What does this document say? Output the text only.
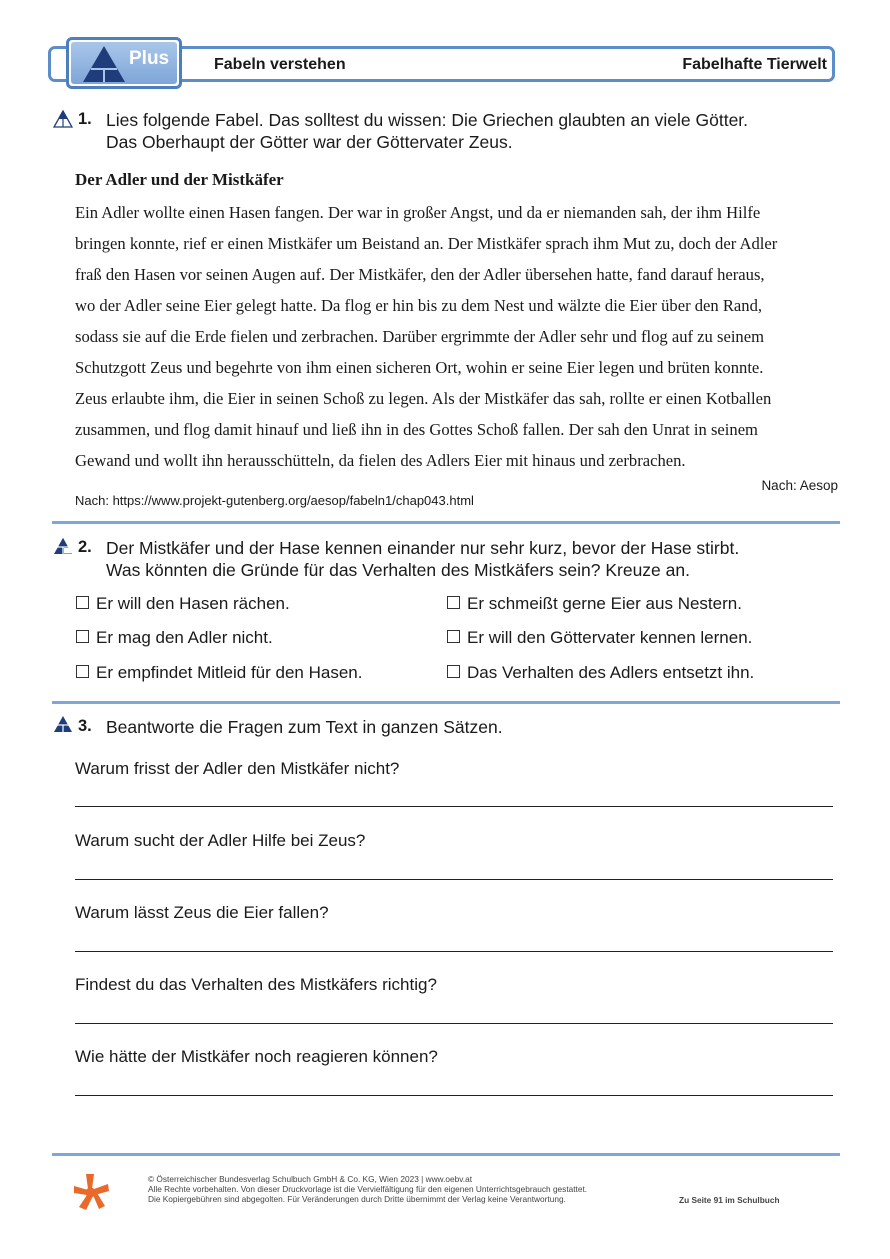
Plus	Fabeln verstehen	Fabelhafte Tierwelt
1. Lies folgende Fabel. Das solltest du wissen: Die Griechen glaubten an viele Götter.
Das Oberhaupt der Götter war der Göttervater Zeus.
Der Adler und der Mistkäfer
Ein Adler wollte einen Hasen fangen. Der war in großer Angst, und da er niemanden sah, der ihm Hilfe
bringen konnte, rief er einen Mistkäfer um Beistand an. Der Mistkäfer sprach ihm Mut zu, doch der Adler
fraß den Hasen vor seinen Augen auf. Der Mistkäfer, den der Adler übersehen hatte, fand darauf heraus,
wo der Adler seine Eier gelegt hatte. Da flog er hin bis zu dem Nest und wälzte die Eier über den Rand,
sodass sie auf die Erde fielen und zerbrachen. Darüber ergrimmte der Adler sehr und flog auf zu seinem
Schutzgott Zeus und begehrte von ihm einen sicheren Ort, wohin er seine Eier legen und brüten konnte.
Zeus erlaubte ihm, die Eier in seinen Schoß zu legen. Als der Mistkäfer das sah, rollte er einen Kotballen
zusammen, und flog damit hinauf und ließ ihn in des Gottes Schoß fallen. Der sah den Unrat in seinem
Gewand und wollt ihn herausschütteln, da fielen des Adlers Eier mit hinaus und zerbrachen.
Nach: Aesop
Nach: https://www.projekt-gutenberg.org/aesop/fabeln1/chap043.html
2. Der Mistkäfer und der Hase kennen einander nur sehr kurz, bevor der Hase stirbt.
Was könnten die Gründe für das Verhalten des Mistkäfers sein? Kreuze an.
Er will den Hasen rächen.
Er mag den Adler nicht.
Er empfindet Mitleid für den Hasen.
Er schmeißt gerne Eier aus Nestern.
Er will den Göttervater kennen lernen.
Das Verhalten des Adlers entsetzt ihn.
3. Beantworte die Fragen zum Text in ganzen Sätzen.
Warum frisst der Adler den Mistkäfer nicht?
Warum sucht der Adler Hilfe bei Zeus?
Warum lässt Zeus die Eier fallen?
Findest du das Verhalten des Mistkäfers richtig?
Wie hätte der Mistkäfer noch reagieren können?
© Österreichischer Bundesverlag Schulbuch GmbH & Co. KG, Wien 2023 | www.oebv.at
Alle Rechte vorbehalten. Von dieser Druckvorlage ist die Vervielfältigung für den eigenen Unterrichtsgebrauch gestattet.
Die Kopiergebühren sind abgegolten. Für Veränderungen durch Dritte übernimmt der Verlag keine Verantwortung.	Zu Seite 91 im Schulbuch
